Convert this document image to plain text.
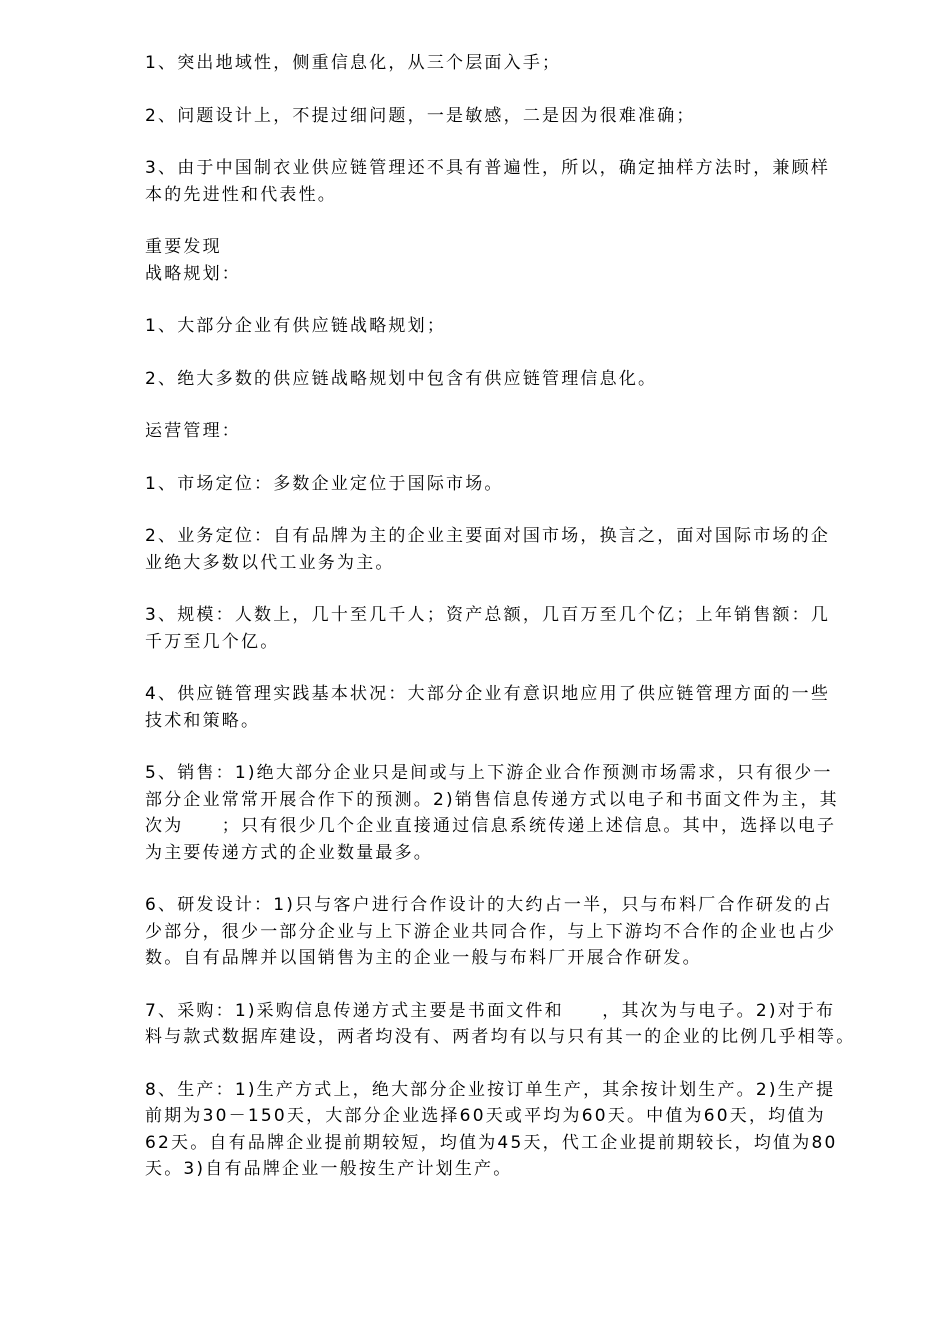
1、突出地域性，侧重信息化，从三个层面入手；
2、问题设计上，不提过细问题，一是敏感，二是因为很难准确；
3、由于中国制衣业供应链管理还不具有普遍性，所以，确定抽样方法时，兼顾样
本的先进性和代表性。
重要发现
战略规划：
1、大部分企业有供应链战略规划；
2、绝大多数的供应链战略规划中包含有供应链管理信息化。
运营管理：
1、市场定位：多数企业定位于国际市场。
2、业务定位：自有品牌为主的企业主要面对国市场，换言之，面对国际市场的企
业绝大多数以代工业务为主。
3、规模：人数上，几十至几千人；资产总额，几百万至几个亿；上年销售额：几
千万至几个亿。
4、供应链管理实践基本状况：大部分企业有意识地应用了供应链管理方面的一些
技术和策略。
5、销售：1)绝大部分企业只是间或与上下游企业合作预测市场需求，只有很少一
部分企业常常开展合作下的预测。2)销售信息传递方式以电子和书面文件为主，其
次为　　；只有很少几个企业直接通过信息系统传递上述信息。其中，选择以电子
为主要传递方式的企业数量最多。
6、研发设计：1)只与客户进行合作设计的大约占一半，只与布料厂合作研发的占
少部分，很少一部分企业与上下游企业共同合作，与上下游均不合作的企业也占少
数。自有品牌并以国销售为主的企业一般与布料厂开展合作研发。
7、采购：1)采购信息传递方式主要是书面文件和　　，其次为与电子。2)对于布
料与款式数据库建设，两者均没有、两者均有以与只有其一的企业的比例几乎相等。
8、生产：1)生产方式上，绝大部分企业按订单生产，其余按计划生产。2)生产提
前期为30－150天，大部分企业选择60天或平均为60天。中值为60天，均值为
62天。自有品牌企业提前期较短，均值为45天，代工企业提前期较长，均值为80
天。3)自有品牌企业一般按生产计划生产。
